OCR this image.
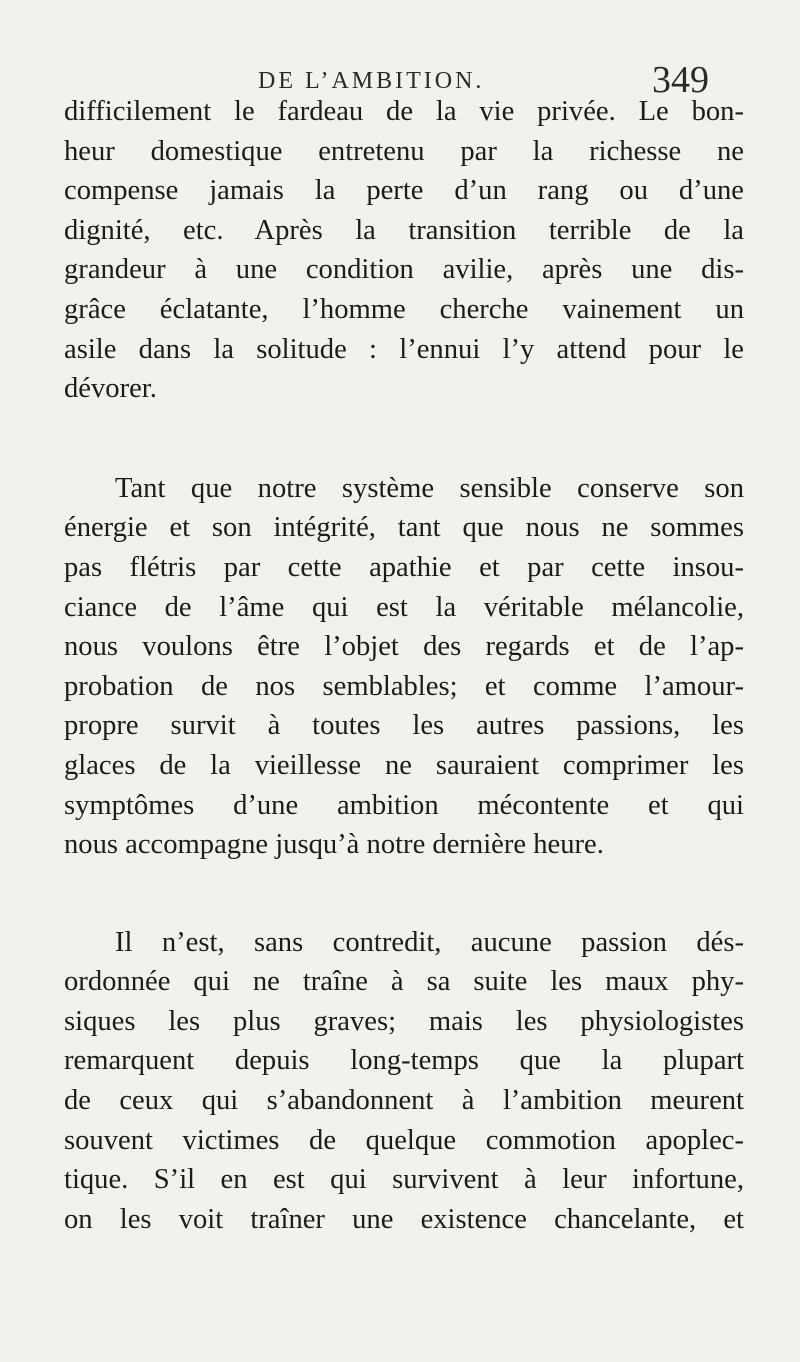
DE L’AMBITION.	349
difficilement le fardeau de la vie privée. Le bon-
heur domestique entretenu par la richesse ne
compense jamais la perte d’un rang ou d’une
dignité, etc. Après la transition terrible de la
grandeur à une condition avilie, après une dis-
grâce éclatante, l’homme cherche vainement un
asile dans la solitude : l’ennui l’y attend pour le
dévorer.
Tant que notre système sensible conserve son
énergie et son intégrité, tant que nous ne sommes
pas flétris par cette apathie et par cette insou-
ciance de l’âme qui est la véritable mélancolie,
nous voulons être l’objet des regards et de l’ap-
probation de nos semblables; et comme l’amour-
propre survit à toutes les autres passions, les
glaces de la vieillesse ne sauraient comprimer les
symptômes d’une ambition mécontente et qui
nous accompagne jusqu’à notre dernière heure.
Il n’est, sans contredit, aucune passion dés-
ordonnée qui ne traîne à sa suite les maux phy-
siques les plus graves; mais les physiologistes
remarquent depuis long-temps que la plupart
de ceux qui s’abandonnent à l’ambition meurent
souvent victimes de quelque commotion apoplec-
tique. S’il en est qui survivent à leur infortune,
on les voit traîner une existence chancelante, et
